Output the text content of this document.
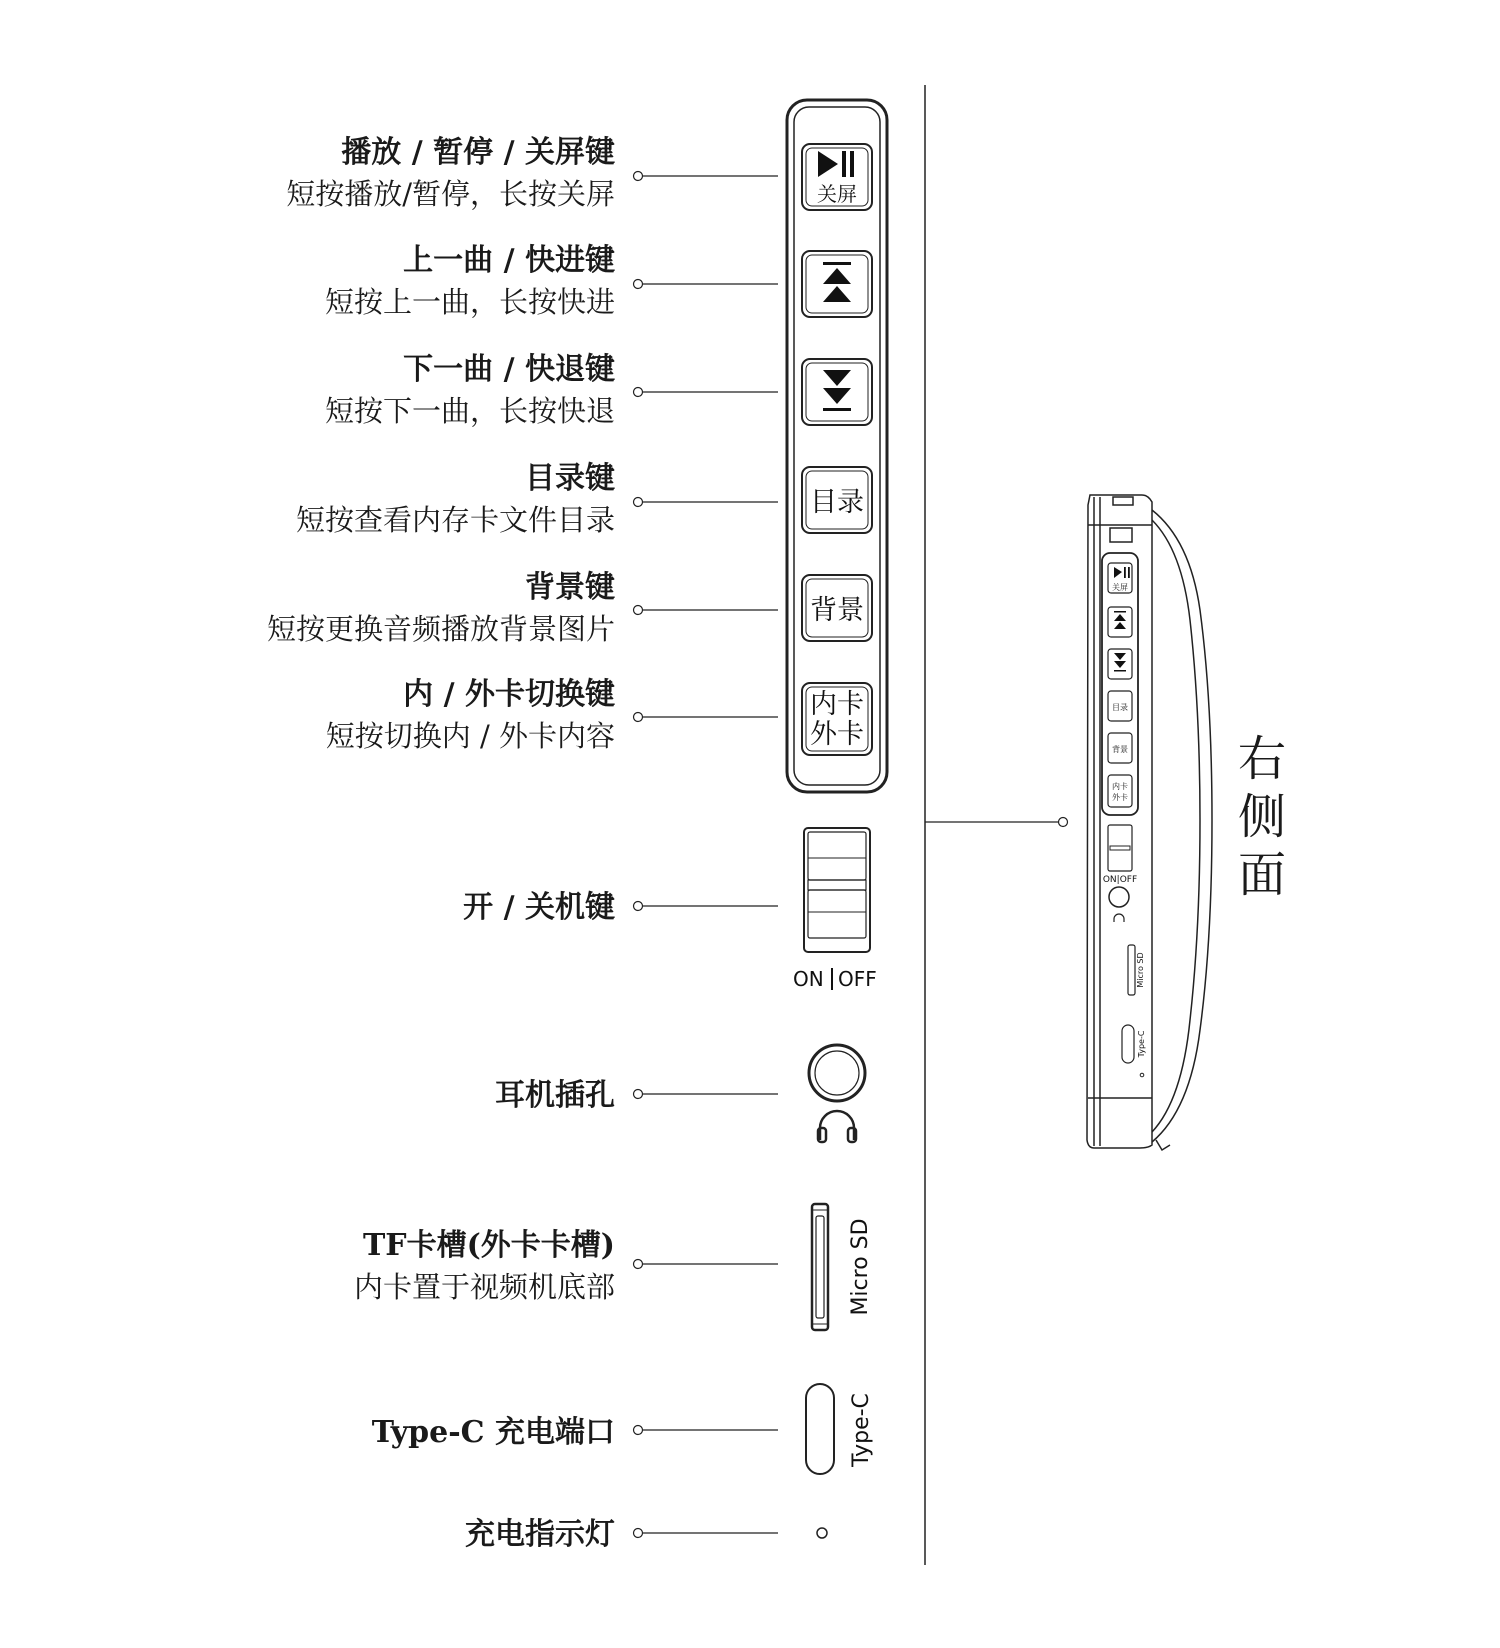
播放 / 暂停 / 关屏键
短按播放/暂停，长按关屏
上一曲 / 快进键
短按上一曲，长按快进
下一曲 / 快退键
短按下一曲，长按快退
目录键
短按查看内存卡文件目录
背景键
短按更换音频播放背景图片
内 / 外卡切换键
短按切换内 / 外卡内容
开 / 关机键
耳机插孔
TF卡槽(外卡卡槽)
内卡置于视频机底部
Type-C 充电端口
充电指示灯
关屏
目录
背景
内卡
外卡
ON OFF
Micro SD
Type-C
关屏
目录
背景
内卡
外卡
ON|OFF
Micro SD
Type-C
右
侧
面
